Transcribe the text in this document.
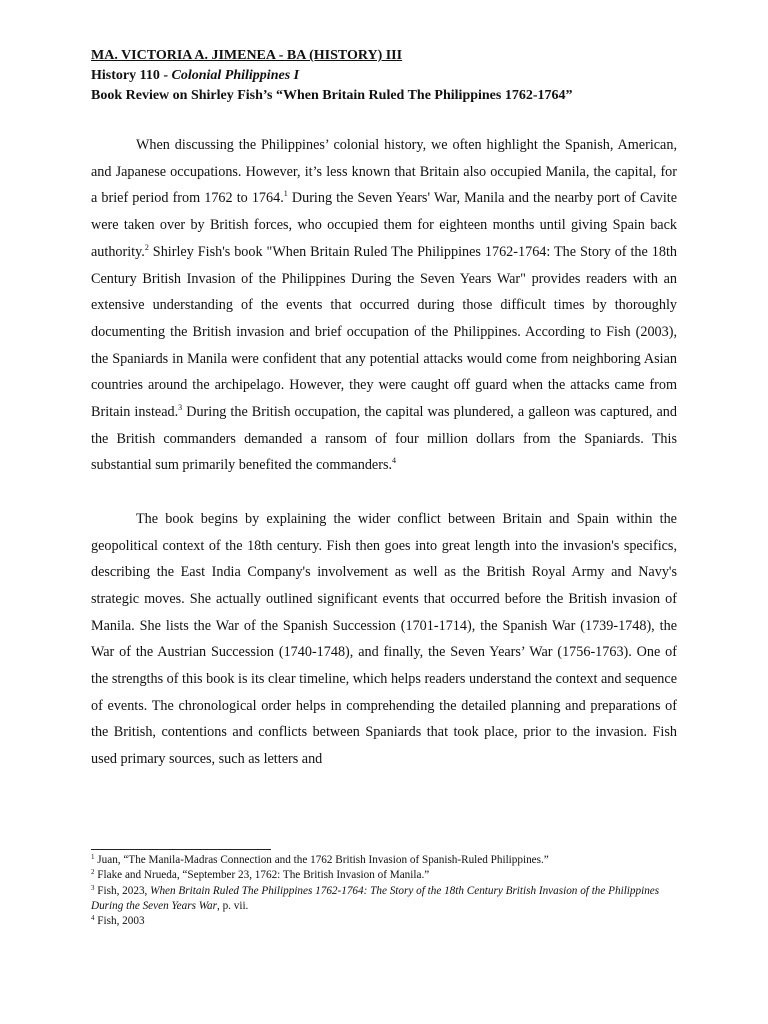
MA. VICTORIA A. JIMENEA - BA (HISTORY) III
History 110 - Colonial Philippines I
Book Review on Shirley Fish’s “When Britain Ruled The Philippines 1762-1764”

When discussing the Philippines’ colonial history, we often highlight the Spanish, American, and Japanese occupations. However, it’s less known that Britain also occupied Manila, the capital, for a brief period from 1762 to 1764.$^1$ During the Seven Years' War, Manila and the nearby port of Cavite were taken over by British forces, who occupied them for eighteen months until giving Spain back authority.$^2$ Shirley Fish's book "When Britain Ruled The Philippines 1762-1764: The Story of the 18th Century British Invasion of the Philippines During the Seven Years War" provides readers with an extensive understanding of the events that occurred during those difficult times by thoroughly documenting the British invasion and brief occupation of the Philippines. According to Fish (2003), the Spaniards in Manila were confident that any potential attacks would come from neighboring Asian countries around the archipelago. However, they were caught off guard when the attacks came from Britain instead.$^3$ During the British occupation, the capital was plundered, a galleon was captured, and the British commanders demanded a ransom of four million dollars from the Spaniards. This substantial sum primarily benefited the commanders.$^4$

The book begins by explaining the wider conflict between Britain and Spain within the geopolitical context of the 18th century. Fish then goes into great length into the invasion's specifics, describing the East India Company's involvement as well as the British Royal Army and Navy's strategic moves. She actually outlined significant events that occurred before the British invasion of Manila. She lists the War of the Spanish Succession (1701-1714), the Spanish War (1739-1748), the War of the Austrian Succession (1740-1748), and finally, the Seven Years’ War (1756-1763). One of the strengths of this book is its clear timeline, which helps readers understand the context and sequence of events. The chronological order helps in comprehending the detailed planning and preparations of the British, contentions and conflicts between Spaniards that took place, prior to the invasion. Fish used primary sources, such as letters and

$^1$ Juan, “The Manila-Madras Connection and the 1762 British Invasion of Spanish-Ruled Philippines.”
$^2$ Flake and Nrueda, “September 23, 1762: The British Invasion of Manila.”
$^3$ Fish, 2023, When Britain Ruled The Philippines 1762-1764: The Story of the 18th Century British Invasion of the Philippines During the Seven Years War, p. vii.
$^4$ Fish, 2003
